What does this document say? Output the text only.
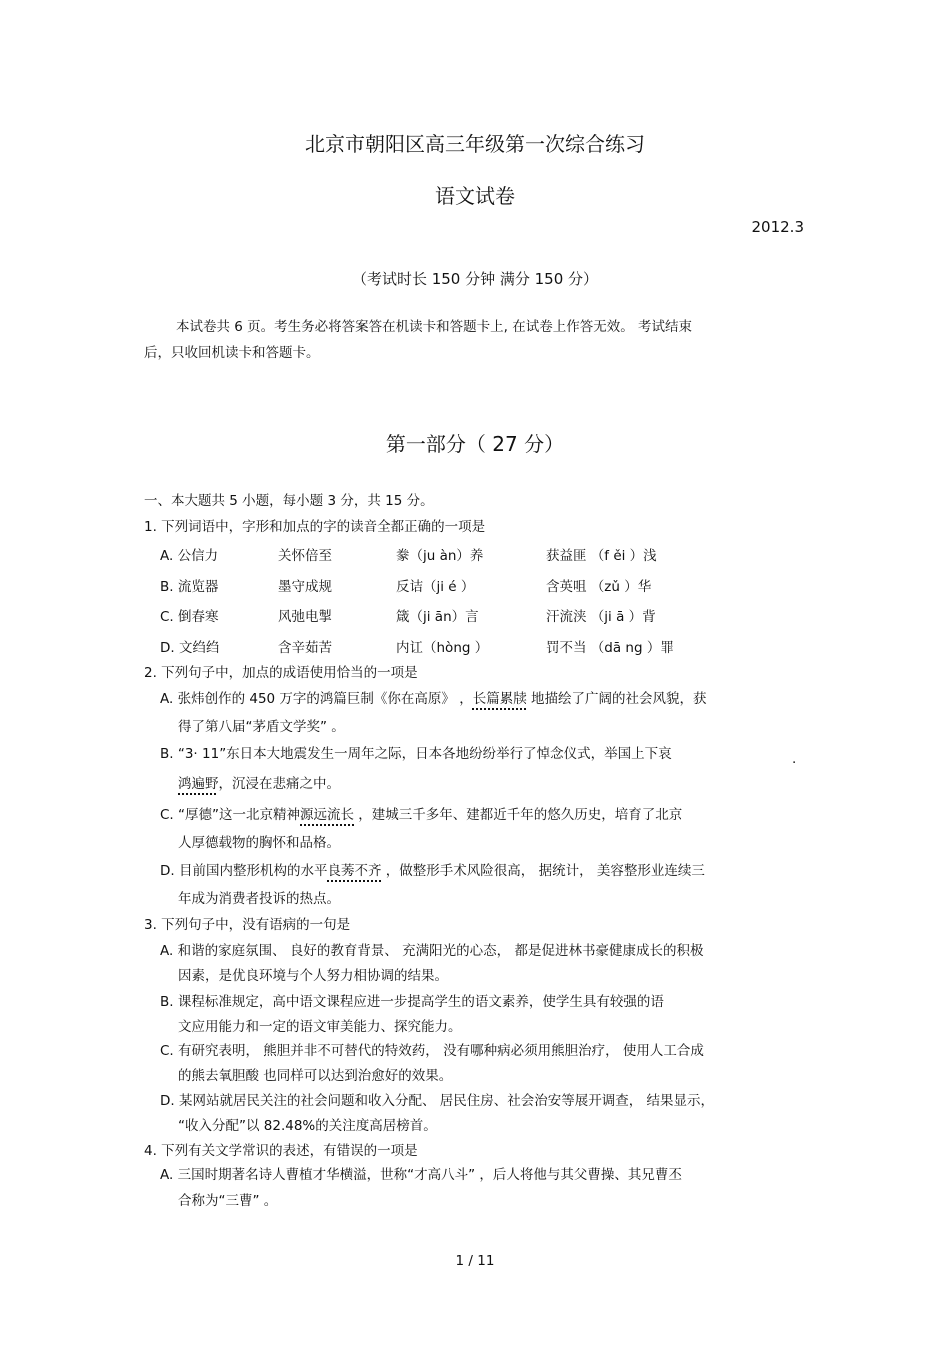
北京市朝阳区高三年级第一次综合练习
语文试卷
2012.3
（考试时长 150 分钟 满分 150 分）
本试卷共 6 页。考生务必将答案答在机读卡和答题卡上, 在试卷上作答无效。 考试结束
后，只收回机读卡和答题卡。
第一部分（ 27 分）
一、本大题共 5 小题，每小题 3 分，共 15 分。
1. 下列词语中，字形和加点的字的读音全都正确的一项是
A. 公信力	关怀倍至	豢（ju àn）养	获益匪 （f ěi ）浅
B. 流览器	墨守成规	反诘（ji é ）	含英咀 （zǔ ）华
C. 倒春寒	风弛电掣	箴（ji ān）言	汗流浃 （ji ā ）背
D. 文绉绉	含辛茹苦	内讧（hòng ）	罚不当 （dā ng ）罪
2. 下列句子中，加点的成语使用恰当的一项是
A. 张炜创作的 450 万字的鸿篇巨制《你在高原》 ，长篇累牍 地描绘了广阔的社会风貌，获
得了第八届“茅盾文学奖” 。
B. “3· 11”东日本大地震发生一周年之际，日本各地纷纷举行了悼念仪式，举国上下哀
·
鸿遍野，沉浸在悲痛之中。
C. “厚德”这一北京精神源远流长 ，建城三千多年、建都近千年的悠久历史，培育了北京
人厚德载物的胸怀和品格。
D. 目前国内整形机构的水平良莠不齐 ，做整形手术风险很高， 据统计， 美容整形业连续三
年成为消费者投诉的热点。
3. 下列句子中，没有语病的一句是
A. 和谐的家庭氛围、 良好的教育背景、 充满阳光的心态， 都是促进林书豪健康成长的积极
因素，是优良环境与个人努力相协调的结果。
B. 课程标准规定，高中语文课程应进一步提高学生的语文素养，使学生具有较强的语
文应用能力和一定的语文审美能力、探究能力。
C. 有研究表明， 熊胆并非不可替代的特效药， 没有哪种病必须用熊胆治疗， 使用人工合成
的熊去氧胆酸 也同样可以达到治愈好的效果。
D. 某网站就居民关注的社会问题和收入分配、 居民住房、社会治安等展开调查， 结果显示，
“收入分配”以 82.48%的关注度高居榜首。
4. 下列有关文学常识的表述，有错误的一项是
A. 三国时期著名诗人曹植才华横溢，世称“才高八斗” ，后人将他与其父曹操、其兄曹丕
合称为“三曹” 。
1 / 11
